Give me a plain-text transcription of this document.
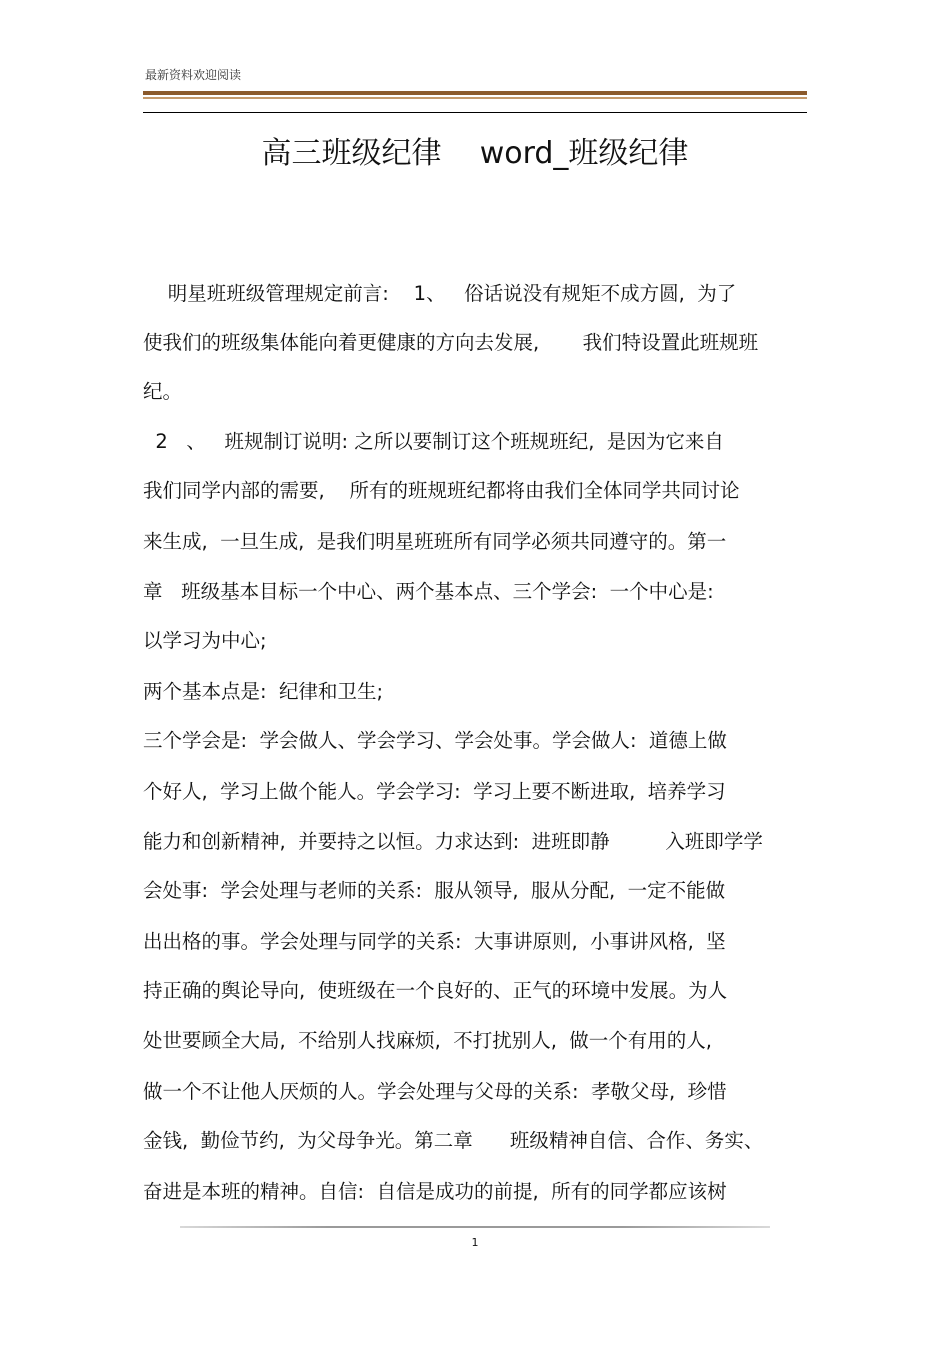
最新资料欢迎阅读
高三班级纪律    word_班级纪律
明星班班级管理规定前言:    1、   俗话说没有规矩不成方圆,  为了
使我们的班级集体能向着更健康的方向去发展,       我们特设置此班规班
纪。
2   、   班规制订说明: 之所以要制订这个班规班纪,  是因为它来自
我们同学内部的需要,    所有的班规班纪都将由我们全体同学共同讨论
来生成,  一旦生成,  是我们明星班班所有同学必须共同遵守的。第一
章   班级基本目标一个中心、两个基本点、三个学会:  一个中心是:
以学习为中心;
两个基本点是:  纪律和卫生;
三个学会是:  学会做人、学会学习、学会处事。学会做人:  道德上做
个好人,  学习上做个能人。学会学习:  学习上要不断进取,  培养学习
能力和创新精神,  并要持之以恒。力求达到:  进班即静         入班即学学
会处事:  学会处理与老师的关系:  服从领导,  服从分配,  一定不能做
出出格的事。学会处理与同学的关系:  大事讲原则,  小事讲风格,  坚
持正确的舆论导向,  使班级在一个良好的、正气的环境中发展。为人
处世要顾全大局,  不给别人找麻烦,  不打扰别人,  做一个有用的人,
做一个不让他人厌烦的人。学会处理与父母的关系:  孝敬父母,  珍惜
金钱,  勤俭节约,  为父母争光。第二章      班级精神自信、合作、务实、
奋进是本班的精神。自信:  自信是成功的前提,  所有的同学都应该树
1
